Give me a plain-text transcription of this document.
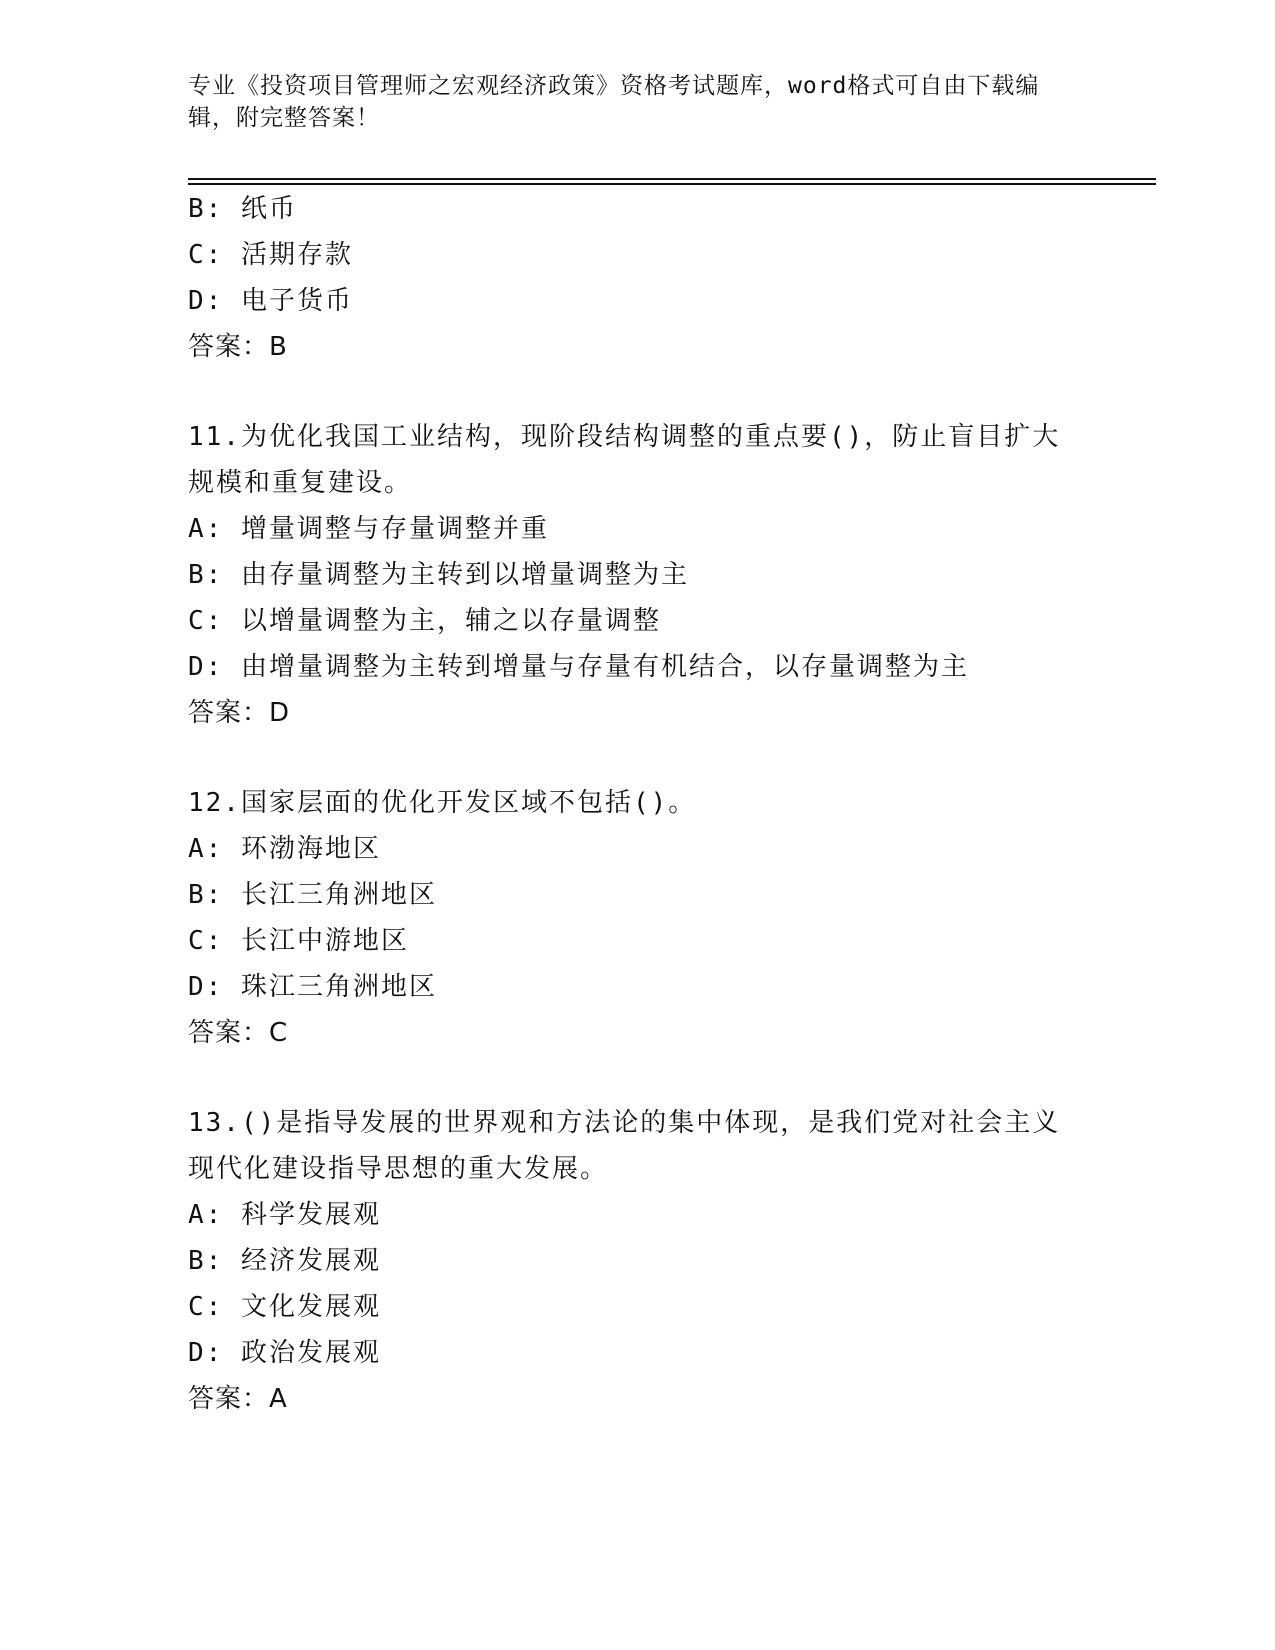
专业《投资项目管理师之宏观经济政策》资格考试题库，word格式可自由下载编辑，附完整答案！
B: 纸币
C: 活期存款
D: 电子货币
答案：B
11.为优化我国工业结构，现阶段结构调整的重点要()，防止盲目扩大
规模和重复建设。
A: 增量调整与存量调整并重
B: 由存量调整为主转到以增量调整为主
C: 以增量调整为主，辅之以存量调整
D: 由增量调整为主转到增量与存量有机结合，以存量调整为主
答案：D
12.国家层面的优化开发区域不包括()。
A: 环渤海地区
B: 长江三角洲地区
C: 长江中游地区
D: 珠江三角洲地区
答案：C
13.()是指导发展的世界观和方法论的集中体现，是我们党对社会主义
现代化建设指导思想的重大发展。
A: 科学发展观
B: 经济发展观
C: 文化发展观
D: 政治发展观
答案：A
